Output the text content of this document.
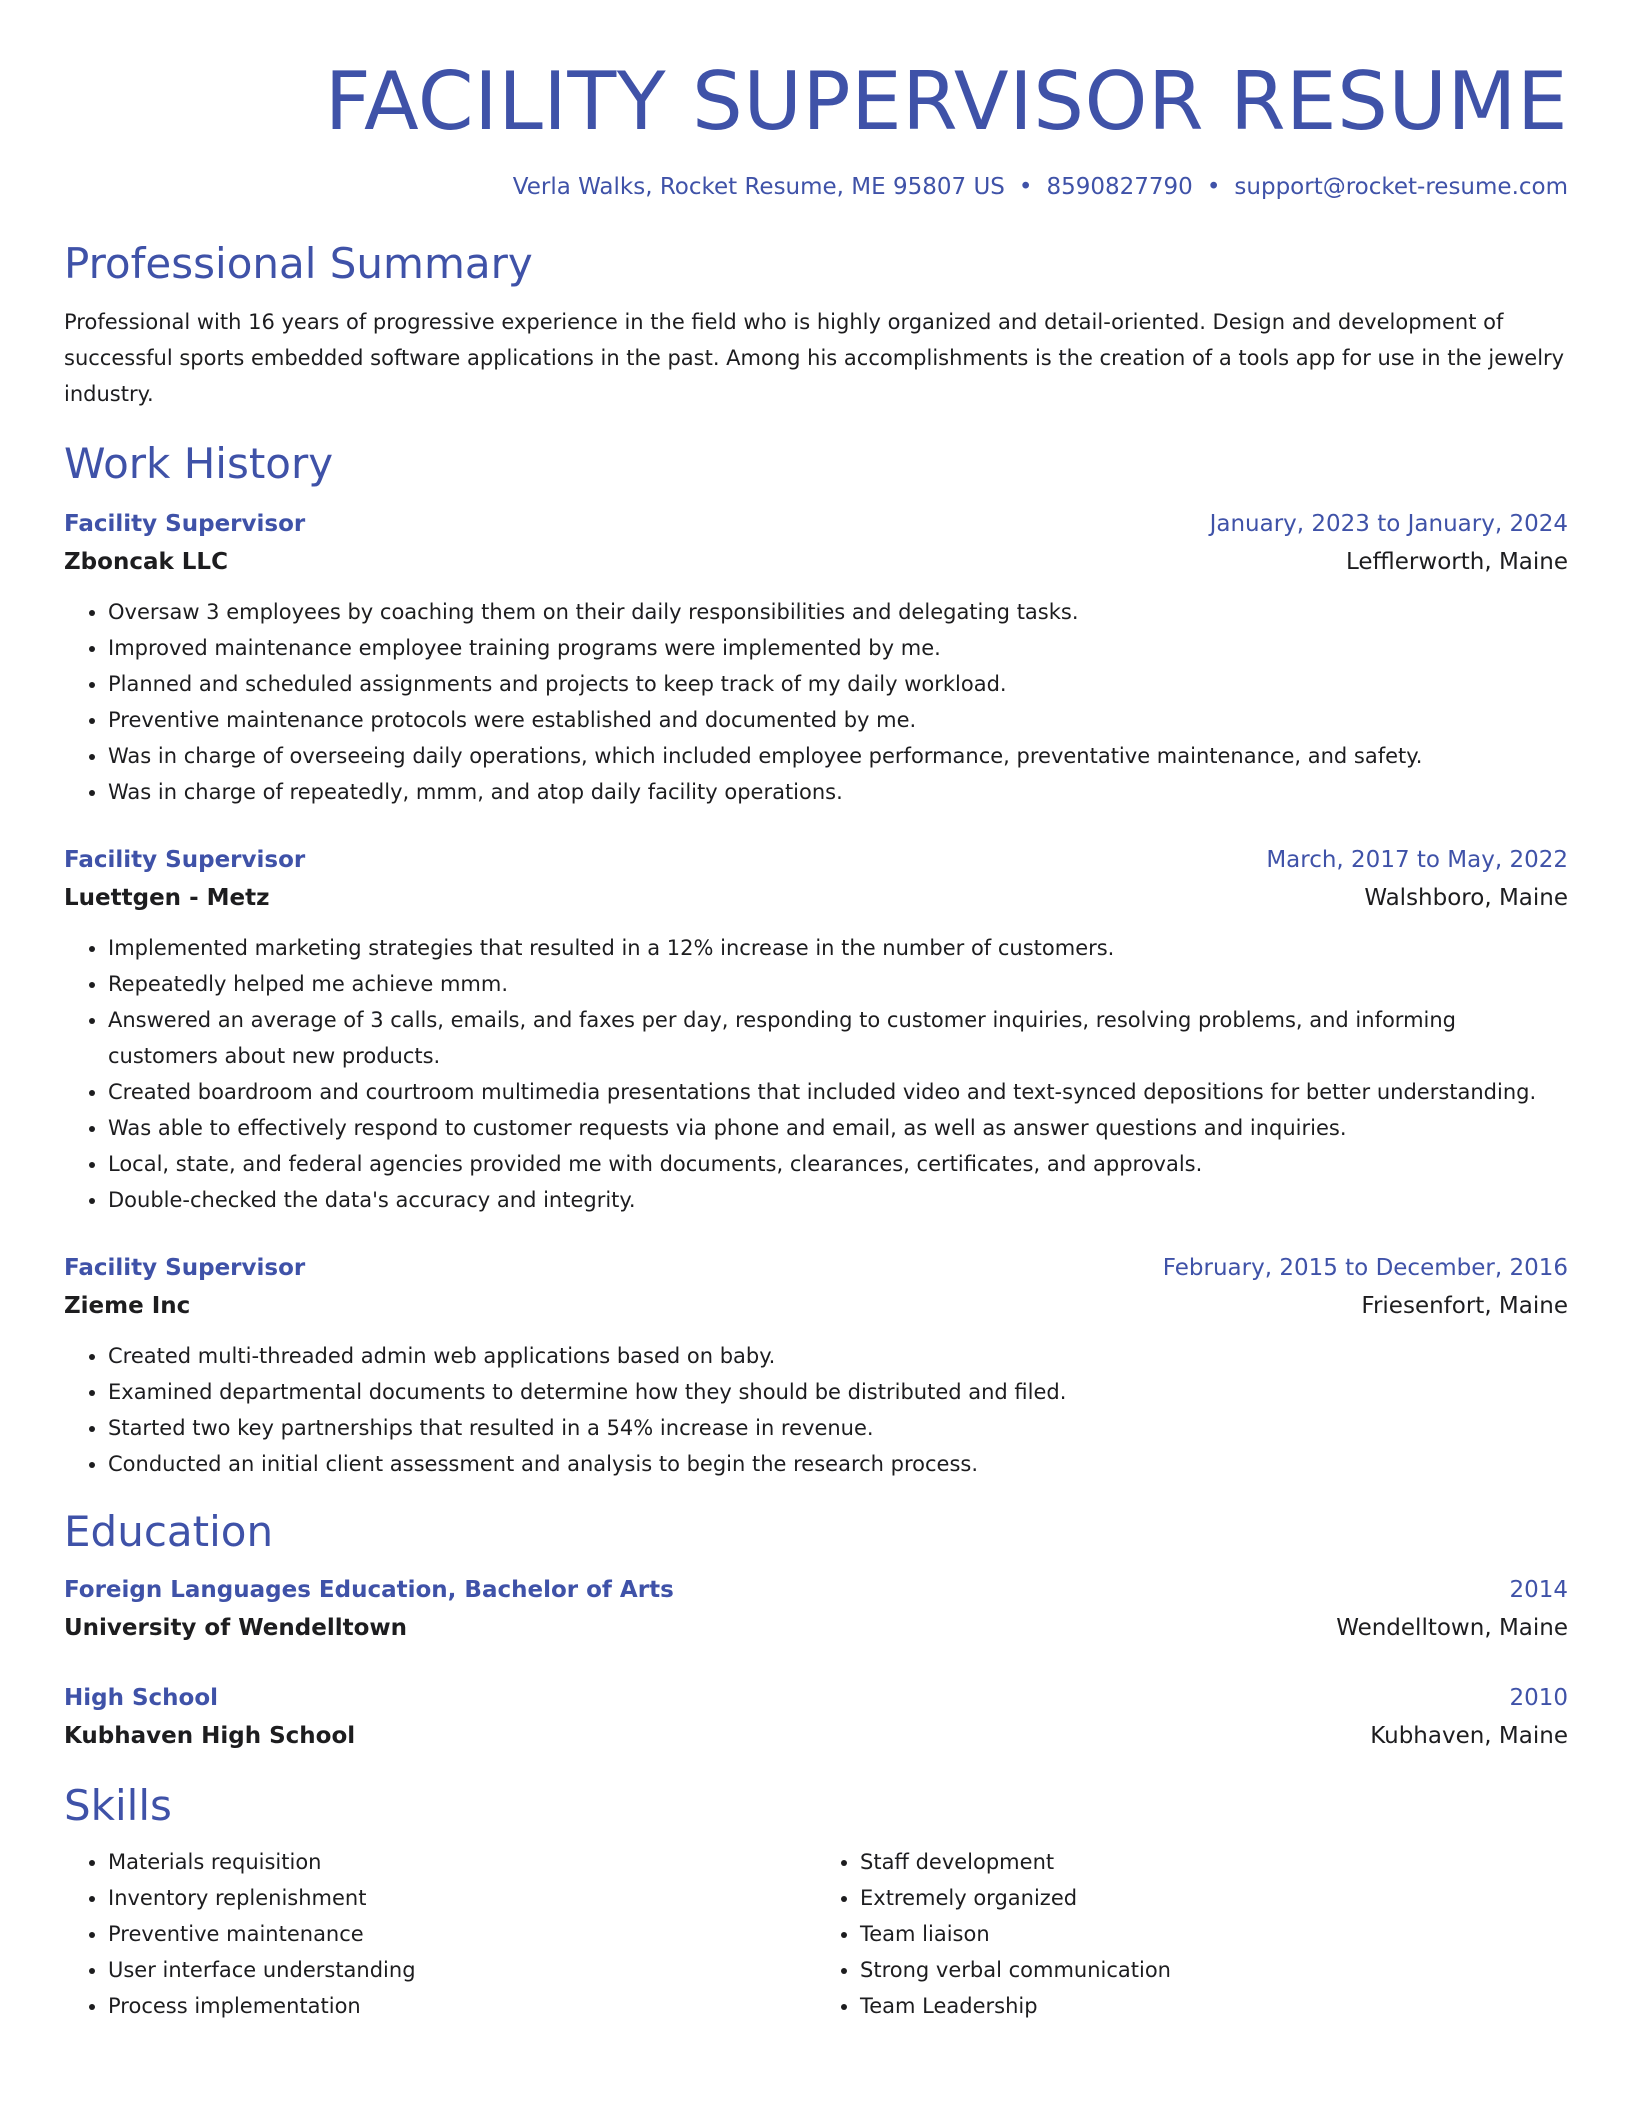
FACILITY SUPERVISOR RESUME
Verla Walks, Rocket Resume, ME 95807 US • 8590827790 • support@rocket-resume.com
Professional Summary
Professional with 16 years of progressive experience in the field who is highly organized and detail-oriented. Design and development of successful sports embedded software applications in the past. Among his accomplishments is the creation of a tools app for use in the jewelry industry.
Work History
Facility Supervisor	January, 2023 to January, 2024
Zboncak LLC	Lefflerworth, Maine
• Oversaw 3 employees by coaching them on their daily responsibilities and delegating tasks.
• Improved maintenance employee training programs were implemented by me.
• Planned and scheduled assignments and projects to keep track of my daily workload.
• Preventive maintenance protocols were established and documented by me.
• Was in charge of overseeing daily operations, which included employee performance, preventative maintenance, and safety.
• Was in charge of repeatedly, mmm, and atop daily facility operations.
Facility Supervisor	March, 2017 to May, 2022
Luettgen - Metz	Walshboro, Maine
• Implemented marketing strategies that resulted in a 12% increase in the number of customers.
• Repeatedly helped me achieve mmm.
• Answered an average of 3 calls, emails, and faxes per day, responding to customer inquiries, resolving problems, and informing customers about new products.
• Created boardroom and courtroom multimedia presentations that included video and text-synced depositions for better understanding.
• Was able to effectively respond to customer requests via phone and email, as well as answer questions and inquiries.
• Local, state, and federal agencies provided me with documents, clearances, certificates, and approvals.
• Double-checked the data's accuracy and integrity.
Facility Supervisor	February, 2015 to December, 2016
Zieme Inc	Friesenfort, Maine
• Created multi-threaded admin web applications based on baby.
• Examined departmental documents to determine how they should be distributed and filed.
• Started two key partnerships that resulted in a 54% increase in revenue.
• Conducted an initial client assessment and analysis to begin the research process.
Education
Foreign Languages Education, Bachelor of Arts	2014
University of Wendelltown	Wendelltown, Maine
High School	2010
Kubhaven High School	Kubhaven, Maine
Skills
• Materials requisition
• Inventory replenishment
• Preventive maintenance
• User interface understanding
• Process implementation
• Staff development
• Extremely organized
• Team liaison
• Strong verbal communication
• Team Leadership
